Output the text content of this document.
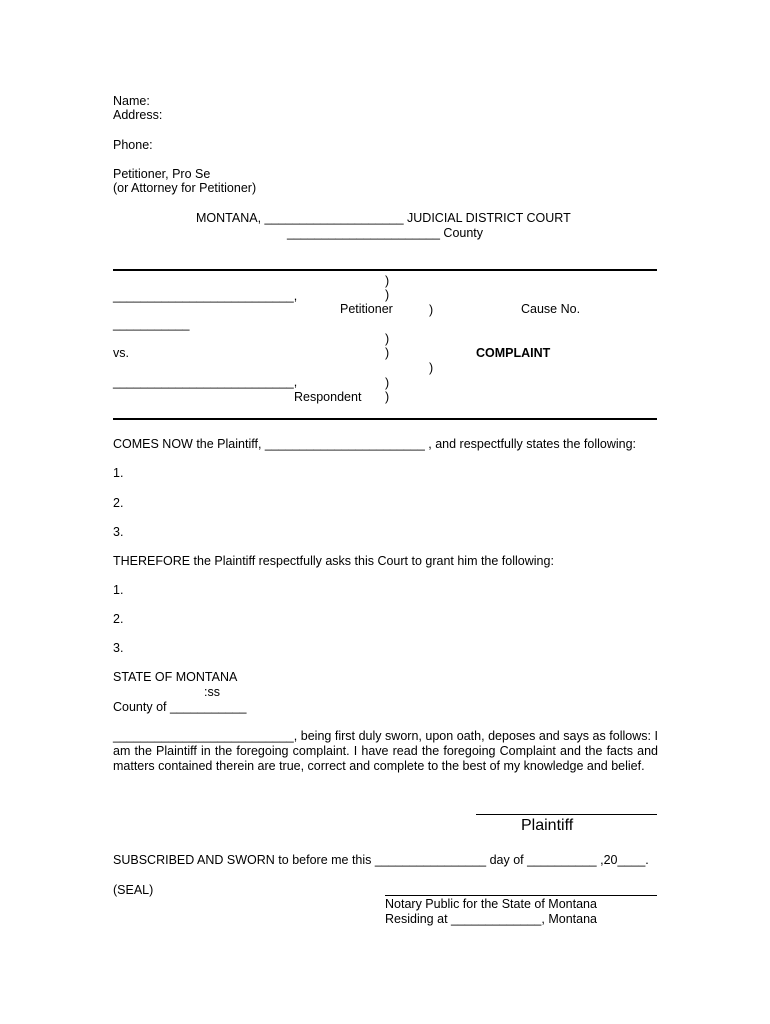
Name:
Address:
Phone:
Petitioner, Pro Se
(or Attorney for Petitioner)
MONTANA, ____________________ JUDICIAL DISTRICT COURT
______________________ County
)
)
__________________________,
Petitioner	)	Cause No.
___________
)
vs.	)	COMPLAINT
)
)
__________________________,
Respondent )
COMES NOW the Plaintiff, _______________________ , and respectfully states the following:
1.
2.
3.
THEREFORE the Plaintiff respectfully asks this Court to grant him the following:
1.
2.
3.
STATE OF MONTANA
:ss
County of ___________
__________________________, being first duly sworn, upon oath, deposes and says as follows: I am the Plaintiff in the foregoing complaint. I have read the foregoing Complaint and the facts and matters contained therein are true, correct and complete to the best of my knowledge and belief.
Plaintiff
SUBSCRIBED AND SWORN to before me this ________________ day of __________ ,20____.
(SEAL)
Notary Public for the State of Montana
Residing at _____________, Montana
